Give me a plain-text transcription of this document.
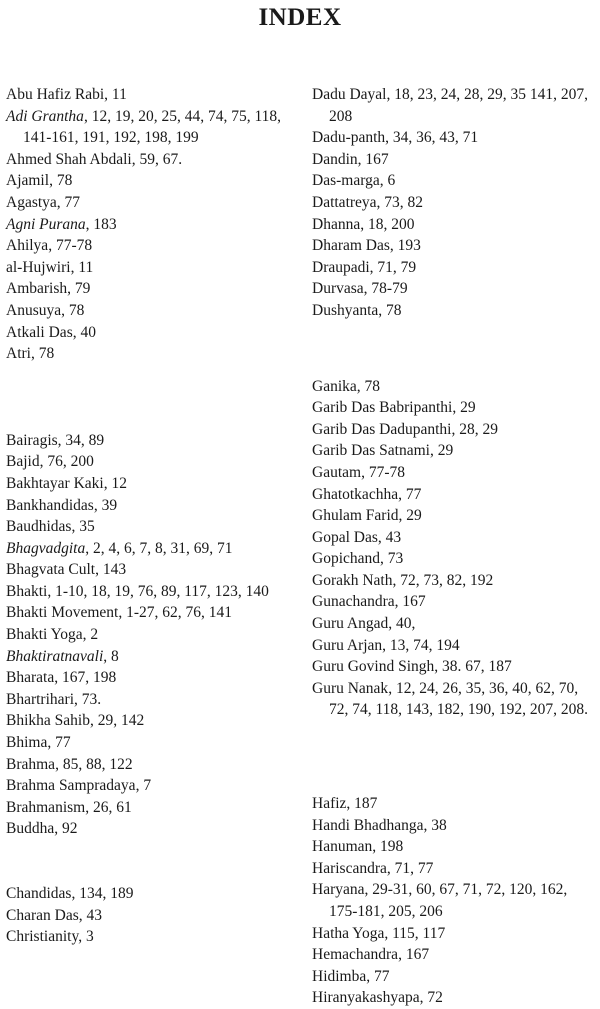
INDEX
Abu Hafiz Rabi, 11
Adi Grantha, 12, 19, 20, 25, 44, 74, 75, 118, 141-161, 191, 192, 198, 199
Ahmed Shah Abdali, 59, 67.
Ajamil, 78
Agastya, 77
Agni Purana, 183
Ahilya, 77-78
al-Hujwiri, 11
Ambarish, 79
Anusuya, 78
Atkali Das, 40
Atri, 78
Bairagis, 34, 89
Bajid, 76, 200
Bakhtayar Kaki, 12
Bankhandidas, 39
Baudhidas, 35
Bhagvadgita, 2, 4, 6, 7, 8, 31, 69, 71
Bhagvata Cult, 143
Bhakti, 1-10, 18, 19, 76, 89, 117, 123, 140
Bhakti Movement, 1-27, 62, 76, 141
Bhakti Yoga, 2
Bhaktiratnavali, 8
Bharata, 167, 198
Bhartrihari, 73.
Bhikha Sahib, 29, 142
Bhima, 77
Brahma, 85, 88, 122
Brahma Sampradaya, 7
Brahmanism, 26, 61
Buddha, 92
Chandidas, 134, 189
Charan Das, 43
Christianity, 3
Dadu Dayal, 18, 23, 24, 28, 29, 35 141, 207, 208
Dadu-panth, 34, 36, 43, 71
Dandin, 167
Das-marga, 6
Dattatreya, 73, 82
Dhanna, 18, 200
Dharam Das, 193
Draupadi, 71, 79
Durvasa, 78-79
Dushyanta, 78
Ganika, 78
Garib Das Babripanthi, 29
Garib Das Dadupanthi, 28, 29
Garib Das Satnami, 29
Gautam, 77-78
Ghatotkachha, 77
Ghulam Farid, 29
Gopal Das, 43
Gopichand, 73
Gorakh Nath, 72, 73, 82, 192
Gunachandra, 167
Guru Angad, 40,
Guru Arjan, 13, 74, 194
Guru Govind Singh, 38. 67, 187
Guru Nanak, 12, 24, 26, 35, 36, 40, 62, 70, 72, 74, 118, 143, 182, 190, 192, 207, 208.
Hafiz, 187
Handi Bhadhanga, 38
Hanuman, 198
Hariscandra, 71, 77
Haryana, 29-31, 60, 67, 71, 72, 120, 162, 175-181, 205, 206
Hatha Yoga, 115, 117
Hemachandra, 167
Hidimba, 77
Hiranyakashyapa, 72
